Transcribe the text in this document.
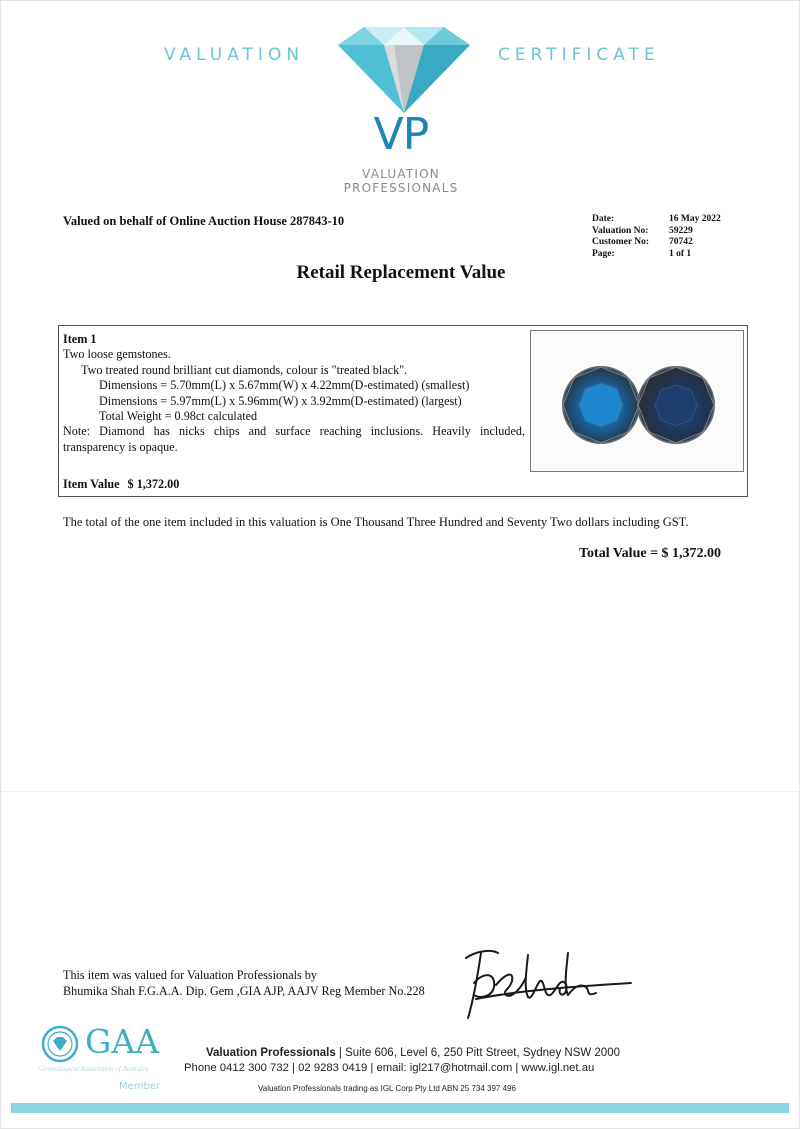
VALUATION	CERTIFICATE
VP
VALUATION
PROFESSIONALS
Valued on behalf of Online Auction House 287843-10	Date:	16 May 2022
Valuation No:	59229
Customer No:	70742
Page:	1 of 1
Retail Replacement Value
Item 1
Two loose gemstones.
Two treated round brilliant cut diamonds, colour is "treated black".
Dimensions = 5.70mm(L) x 5.67mm(W) x 4.22mm(D-estimated) (smallest)
Dimensions = 5.97mm(L) x 5.96mm(W) x 3.92mm(D-estimated) (largest)
Total Weight = 0.98ct calculated
Note: Diamond has nicks chips and surface reaching inclusions. Heavily included, transparency is opaque.
Item Value $ 1,372.00
The total of the one item included in this valuation is One Thousand Three Hundred and Seventy Two dollars including GST.
Total Value = $ 1,372.00
This item was valued for Valuation Professionals by
Bhumika Shah F.G.A.A. Dip. Gem ,GIA AJP, AAJV Reg Member No.228
GAA
Gemmological Association of Australia
Member
Valuation Professionals | Suite 606, Level 6, 250 Pitt Street, Sydney NSW 2000
Phone 0412 300 732 | 02 9283 0419 | email: igl217@hotmail.com | www.igl.net.au
Valuation Professionals trading as IGL Corp Pty Ltd ABN 25 734 397 496
